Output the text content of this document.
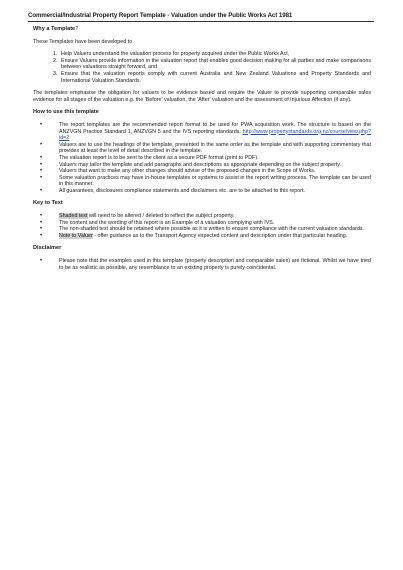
Commercial/Industrial Property Report Template - Valuation under the Public Works Act 1981
Why a Template?

These Templates have been developed to

1. Help Valuers understand the valuation process for property acquired under the Public Works Act,
2. Ensure Valuers provide information in the valuation report that enables good decision making for all parties and make comparisons between valuations straight forward, and
3. Ensure that the valuation reports comply with current Australia and New Zealand Valuations and Property Standards and International Valuation Standards.

The templates emphasise the obligation for valuers to be evidence based and require the Valuer to provide supporting comparable sales evidence for all stages of the valuation e.g. the 'Before' valuation, the 'After' valuation and the assessment of Injurious Affection (if any).

How to use this template
• The report templates are the recommended report format to be used for PWA acquisition work. The structure is based on the ANZVGN Practice Standard 1, ANZVGN 5 and the IVS reporting standards. http://www.propertystandards.org.nz/course/view.php?id=2
• Valuers are to use the headings of the template, presented in the same order as the template and with supporting commentary that provides at least the level of detail described in the template.
• The valuation report is to be sent to the client as a secure PDF format (print to PDF).
• Valuers may tailor the template and add paragraphs and descriptions as appropriate depending on the subject property.
• Valuers that want to make any other changes should advise of the proposed changes in the Scope of Works.
• Some valuation practices may have in-house templates or systems to assist in the report writing process. The template can be used in this manner.
• All guarantees, disclosures compliance statements and disclaimers etc. are to be attached to this report.
Key to Text
• Shaded text will need to be altered / deleted to reflect the subject property.
• The content and the wording of this report is an Example of a valuation complying with IVS.
• The non-shaded text should be retained where possible as it is written to ensure compliance with the current valuation standards.
• Note to Valuer - offer guidance as to the Transport Agency expected content and description under that particular heading.
Disclaimer
• Please note that the examples used in this template (property description and comparable sales) are fictional. Whilst we have tried to be as realistic as possible, any resemblance to an existing property is purely coincidental.
